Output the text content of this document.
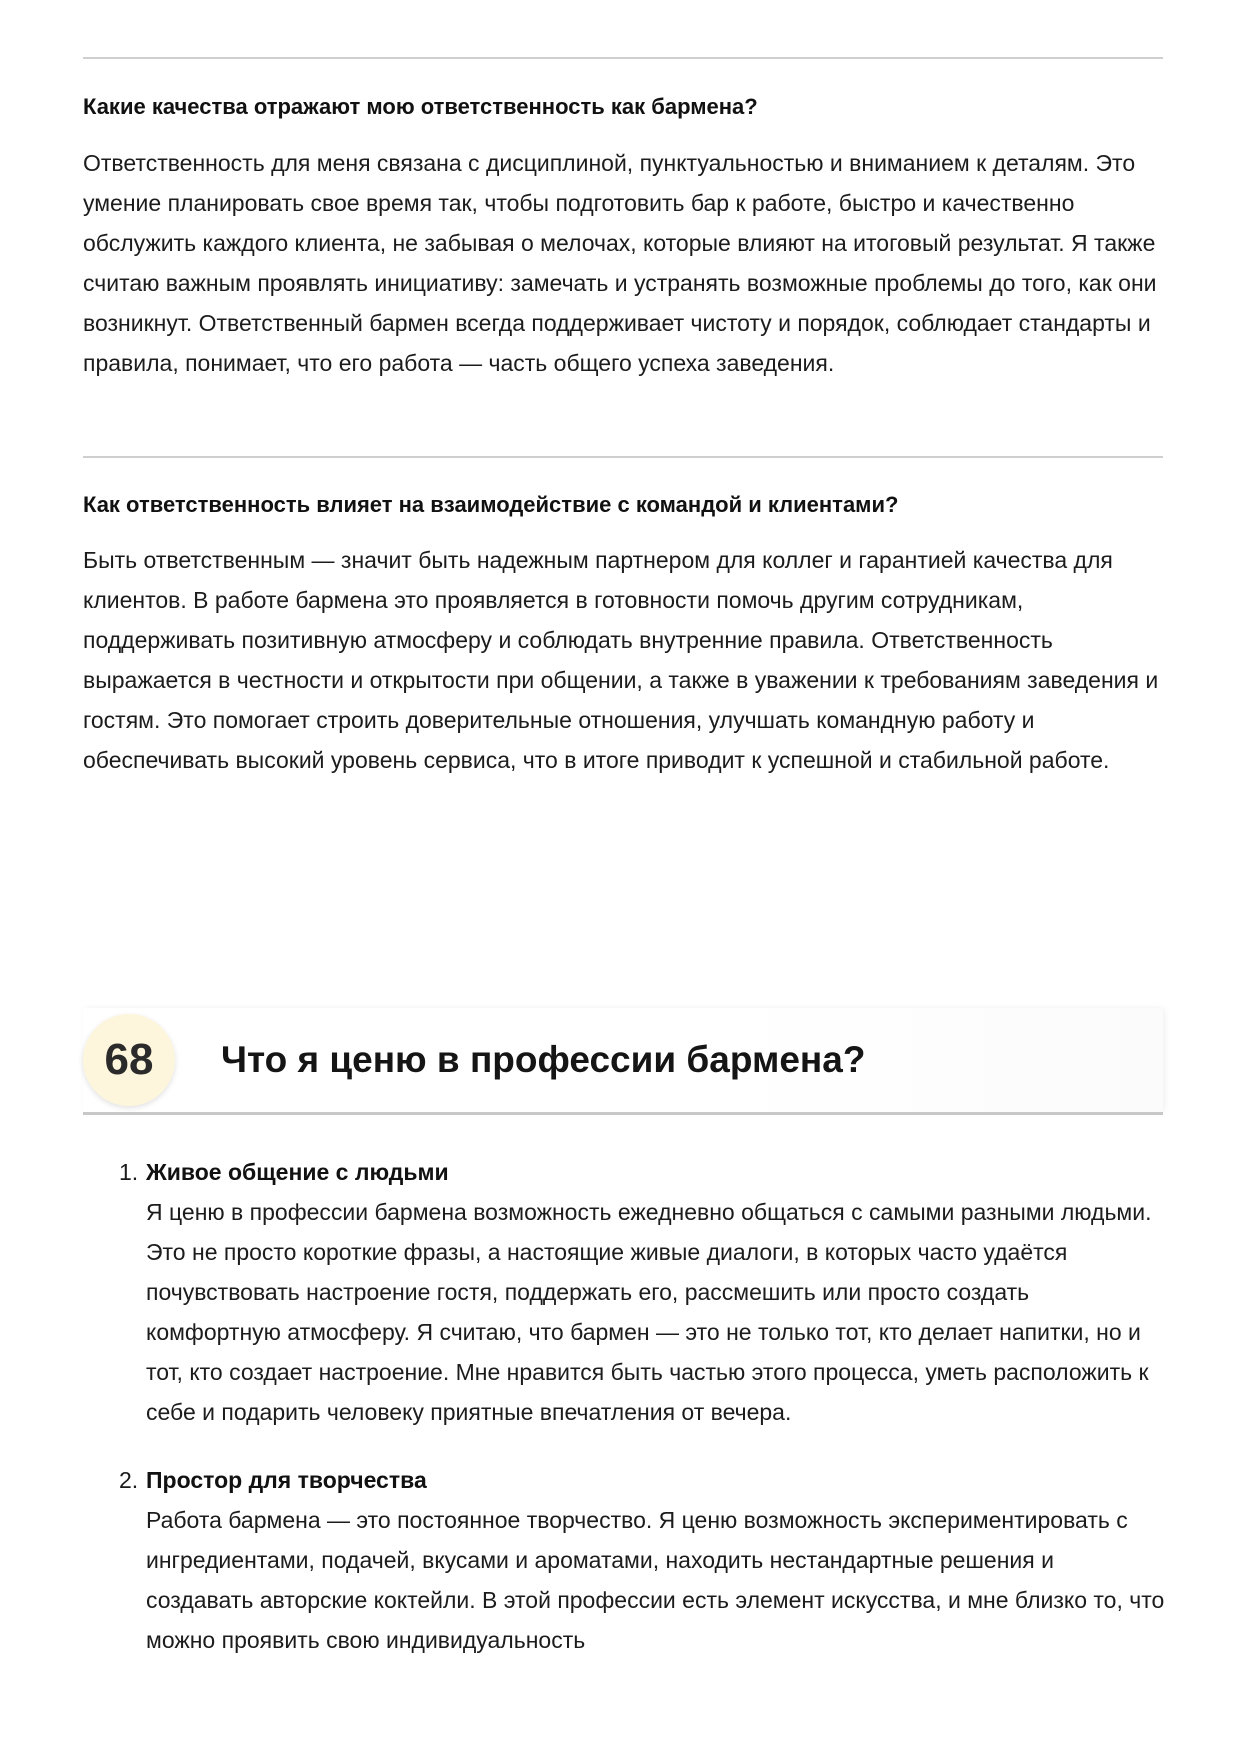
Какие качества отражают мою ответственность как бармена?

Ответственность для меня связана с дисциплиной, пунктуальностью и вниманием к деталям. Это умение планировать свое время так, чтобы подготовить бар к работе, быстро и качественно обслужить каждого клиента, не забывая о мелочах, которые влияют на итоговый результат. Я также считаю важным проявлять инициативу: замечать и устранять возможные проблемы до того, как они возникнут. Ответственный бармен всегда поддерживает чистоту и порядок, соблюдает стандарты и правила, понимает, что его работа — часть общего успеха заведения.

Как ответственность влияет на взаимодействие с командой и клиентами?

Быть ответственным — значит быть надежным партнером для коллег и гарантией качества для клиентов. В работе бармена это проявляется в готовности помочь другим сотрудникам, поддерживать позитивную атмосферу и соблюдать внутренние правила. Ответственность выражается в честности и открытости при общении, а также в уважении к требованиям заведения и гостям. Это помогает строить доверительные отношения, улучшать командную работу и обеспечивать высокий уровень сервиса, что в итоге приводит к успешной и стабильной работе.

68	Что я ценю в профессии бармена?
1. Живое общение с людьми

Я ценю в профессии бармена возможность ежедневно общаться с самыми разными людьми. Это не просто короткие фразы, а настоящие живые диалоги, в которых часто удаётся почувствовать настроение гостя, поддержать его, рассмешить или просто создать комфортную атмосферу. Я считаю, что бармен — это не только тот, кто делает напитки, но и тот, кто создает настроение. Мне нравится быть частью этого процесса, уметь расположить к себе и подарить человеку приятные впечатления от вечера.

2. Простор для творчества

Работа бармена — это постоянное творчество. Я ценю возможность экспериментировать с ингредиентами, подачей, вкусами и ароматами, находить нестандартные решения и создавать авторские коктейли. В этой профессии есть элемент искусства, и мне близко то, что можно проявить свою индивидуальность
